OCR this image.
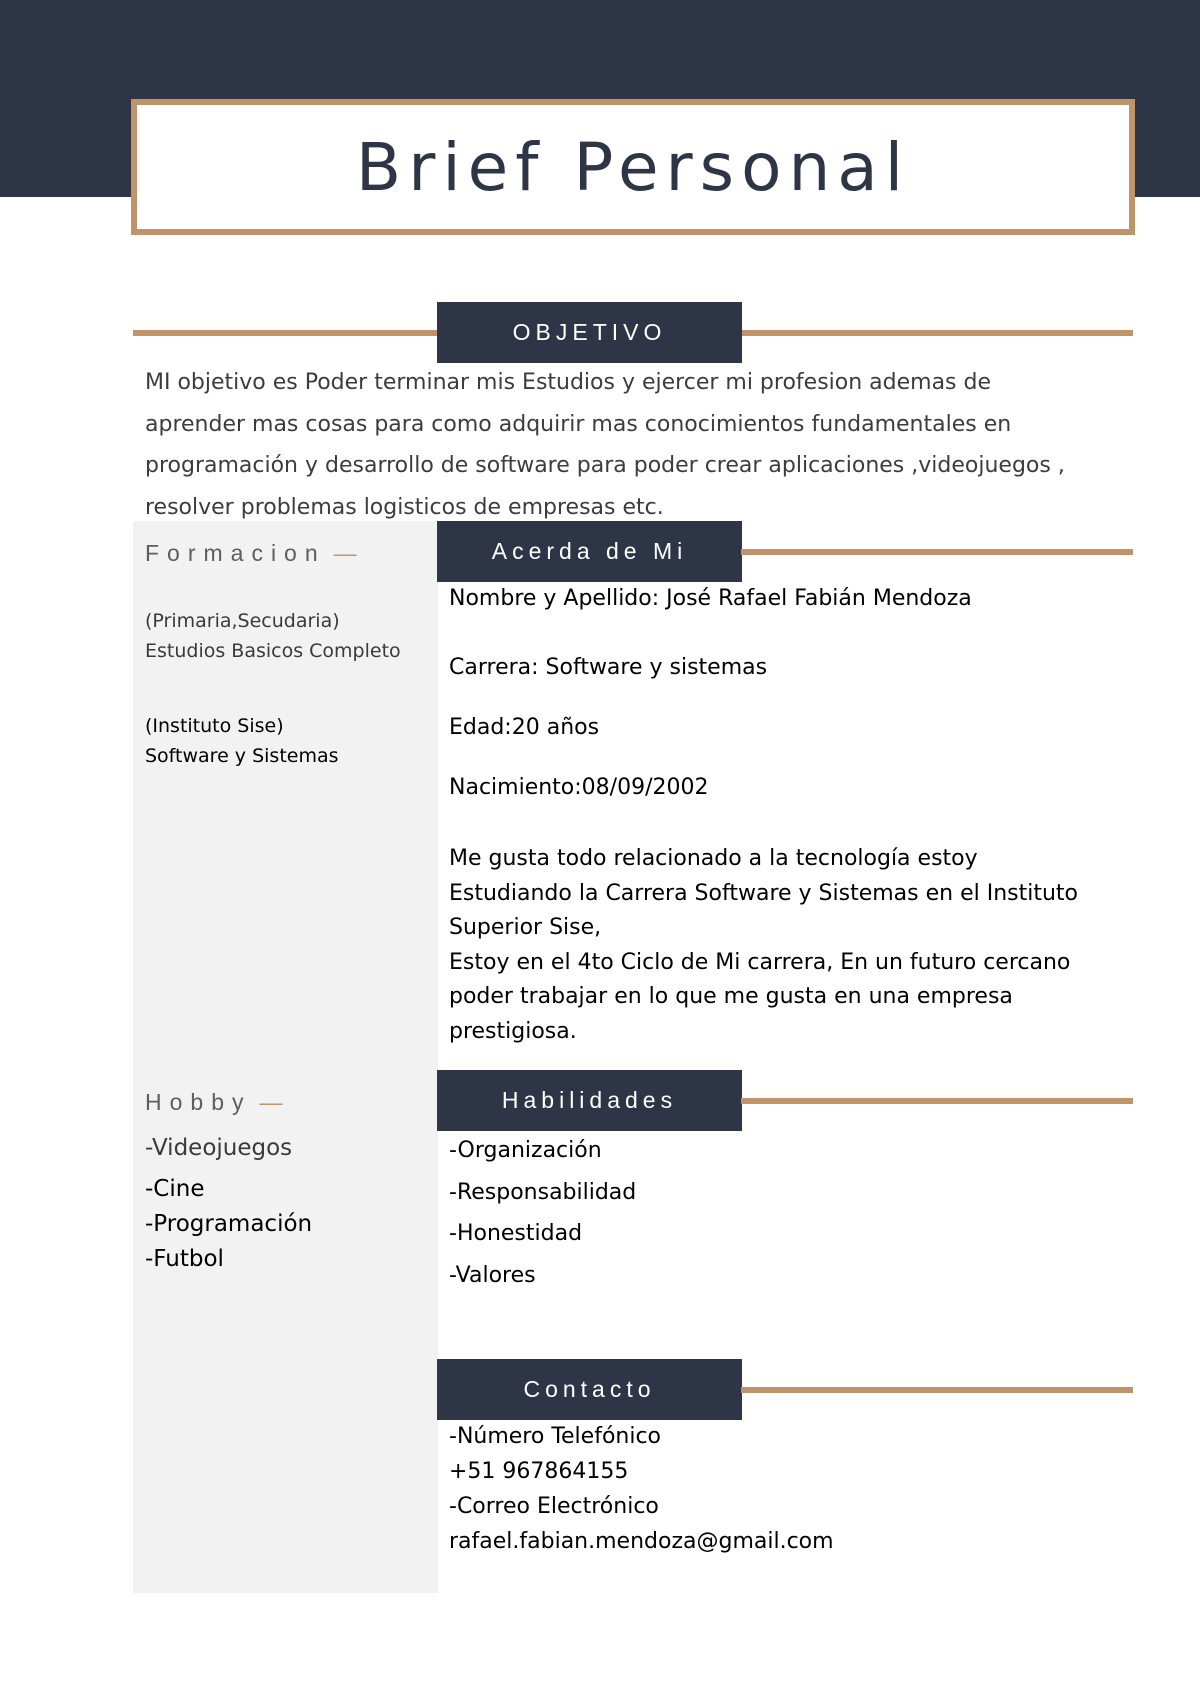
Brief Personal
OBJETIVO
MI objetivo es Poder terminar mis Estudios y ejercer mi profesion ademas de
aprender mas cosas para como adquirir mas conocimientos fundamentales en
programación y desarrollo de software para poder crear aplicaciones ,videojuegos ,
resolver problemas logisticos de empresas etc.
Formacion —
(Primaria,Secudaria)
Estudios Basicos Completo
(Instituto Sise)
Software y Sistemas
Acerda de Mi
Nombre y Apellido: José Rafael Fabián Mendoza
Carrera: Software y sistemas
Edad:20 años
Nacimiento:08/09/2002
Me gusta todo relacionado a la tecnología estoy
Estudiando la Carrera Software y Sistemas en el Instituto
Superior Sise,
Estoy en el 4to Ciclo de Mi carrera, En un futuro cercano
poder trabajar en lo que me gusta en una empresa
prestigiosa.
Hobby —
-Videojuegos
-Cine
-Programación
-Futbol
Habilidades
-Organización
-Responsabilidad
-Honestidad
-Valores
Contacto
-Número Telefónico
+51 967864155
-Correo Electrónico
rafael.fabian.mendoza@gmail.com
